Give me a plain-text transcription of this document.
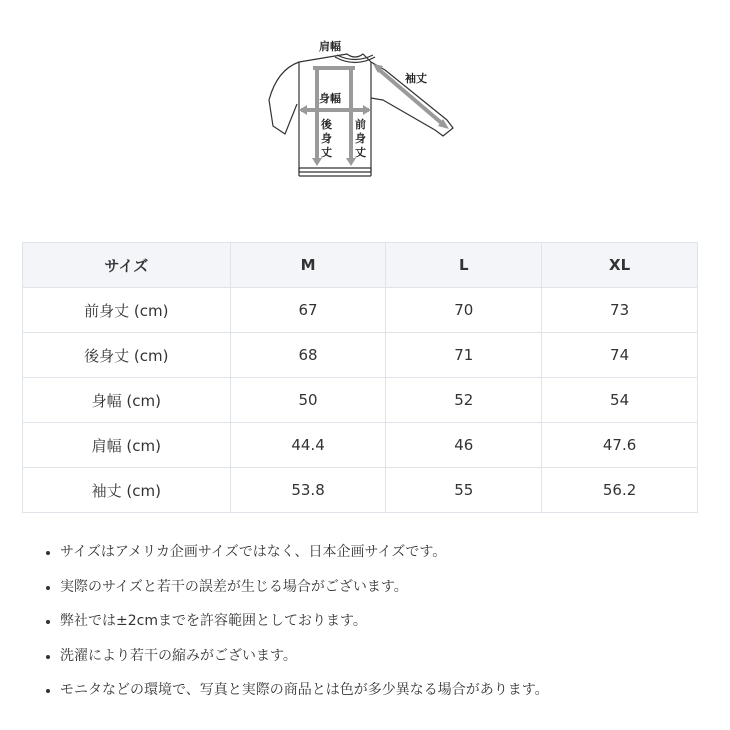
肩幅
袖丈
身幅
後
身
丈
前
身
丈
サイズ	M	L	XL
前身丈 (cm)	67	70	73
後身丈 (cm)	68	71	74
身幅 (cm)	50	52	54
肩幅 (cm)	44.4	46	47.6
袖丈 (cm)	53.8	55	56.2
• サイズはアメリカ企画サイズではなく、日本企画サイズです。
• 実際のサイズと若干の誤差が生じる場合がございます。
• 弊社では±2cmまでを許容範囲としております。
• 洗濯により若干の縮みがございます。
• モニタなどの環境で、写真と実際の商品とは色が多少異なる場合があります。
